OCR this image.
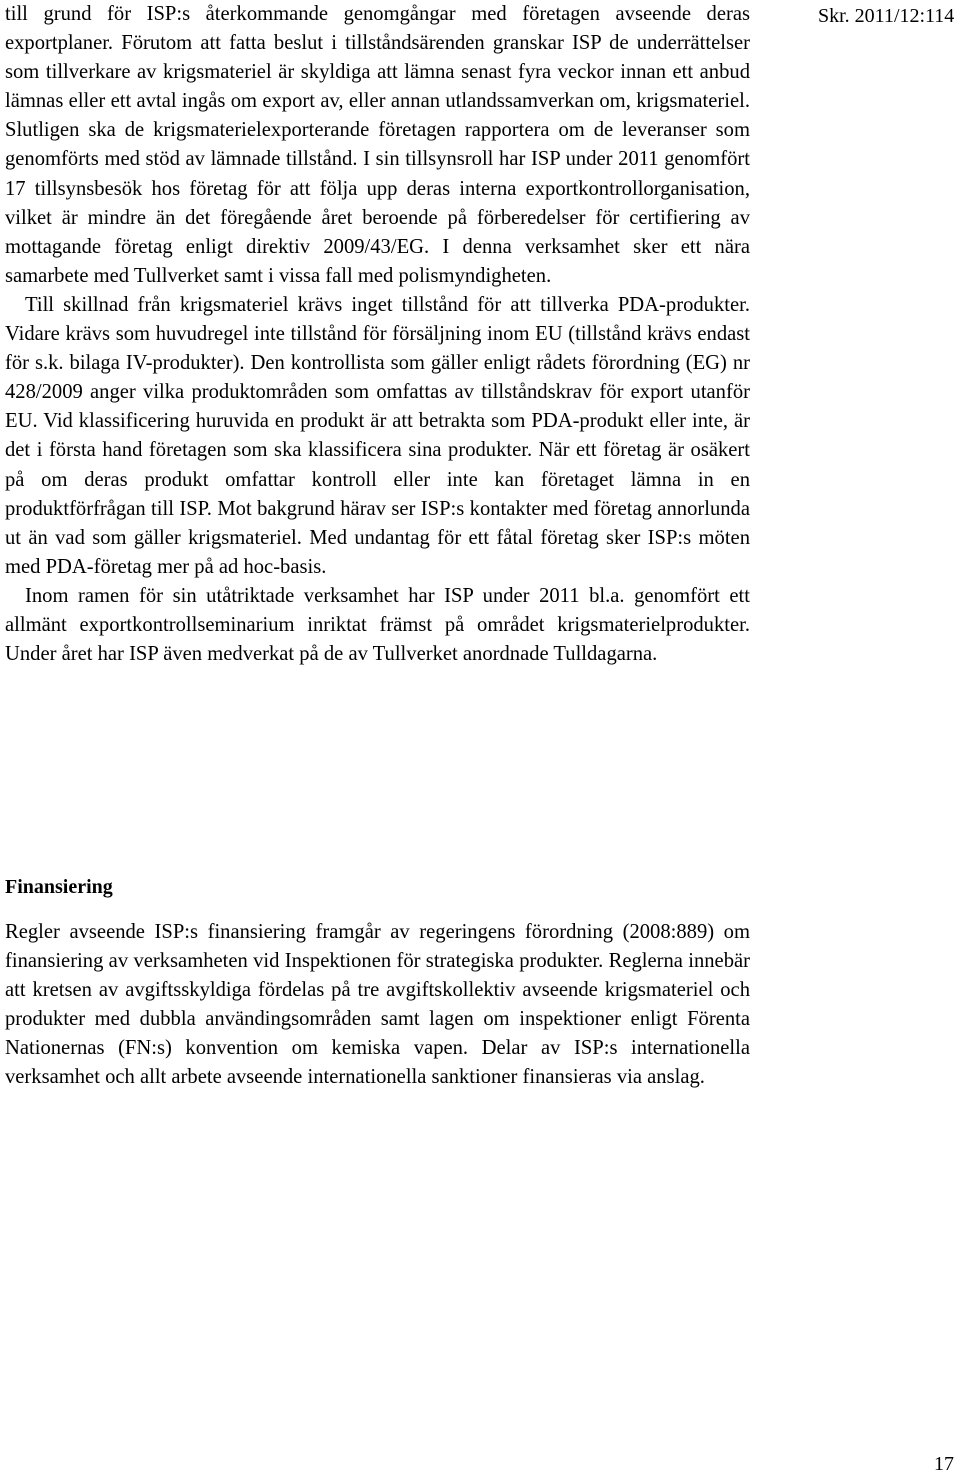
Skr. 2011/12:114

till grund för ISP:s återkommande genomgångar med företagen avseende deras exportplaner. Förutom att fatta beslut i tillståndsärenden granskar ISP de underrättelser som tillverkare av krigsmateriel är skyldiga att lämna senast fyra veckor innan ett anbud lämnas eller ett avtal ingås om export av, eller annan utlandssamverkan om, krigsmateriel. Slutligen ska de krigsmaterielexporterande företagen rapportera om de leveranser som genomförts med stöd av lämnade tillstånd. I sin tillsynsroll har ISP under 2011 genomfört 17 tillsynsbesök hos företag för att följa upp deras interna exportkontrollorganisation, vilket är mindre än det föregående året beroende på förberedelser för certifiering av mottagande företag enligt direktiv 2009/43/EG. I denna verksamhet sker ett nära samarbete med Tullverket samt i vissa fall med polismyndigheten.

Till skillnad från krigsmateriel krävs inget tillstånd för att tillverka PDA-produkter. Vidare krävs som huvudregel inte tillstånd för försäljning inom EU (tillstånd krävs endast för s.k. bilaga IV-produkter). Den kontrollista som gäller enligt rådets förordning (EG) nr 428/2009 anger vilka produktområden som omfattas av tillståndskrav för export utanför EU. Vid klassificering huruvida en produkt är att betrakta som PDA-produkt eller inte, är det i första hand företagen som ska klassificera sina produkter. När ett företag är osäkert på om deras produkt omfattar kontroll eller inte kan företaget lämna in en produktförfrågan till ISP. Mot bakgrund härav ser ISP:s kontakter med företag annorlunda ut än vad som gäller krigsmateriel. Med undantag för ett fåtal företag sker ISP:s möten med PDA-företag mer på ad hoc-basis.

Inom ramen för sin utåtriktade verksamhet har ISP under 2011 bl.a. genomfört ett allmänt exportkontrollseminarium inriktat främst på området krigsmaterielprodukter. Under året har ISP även medverkat på de av Tullverket anordnade Tulldagarna.

Finansiering

Regler avseende ISP:s finansiering framgår av regeringens förordning (2008:889) om finansiering av verksamheten vid Inspektionen för strategiska produkter. Reglerna innebär att kretsen av avgiftsskyldiga fördelas på tre avgiftskollektiv avseende krigsmateriel och produkter med dubbla användingsområden samt lagen om inspektioner enligt Förenta Nationernas (FN:s) konvention om kemiska vapen. Delar av ISP:s internationella verksamhet och allt arbete avseende internationella sanktioner finansieras via anslag.

17
